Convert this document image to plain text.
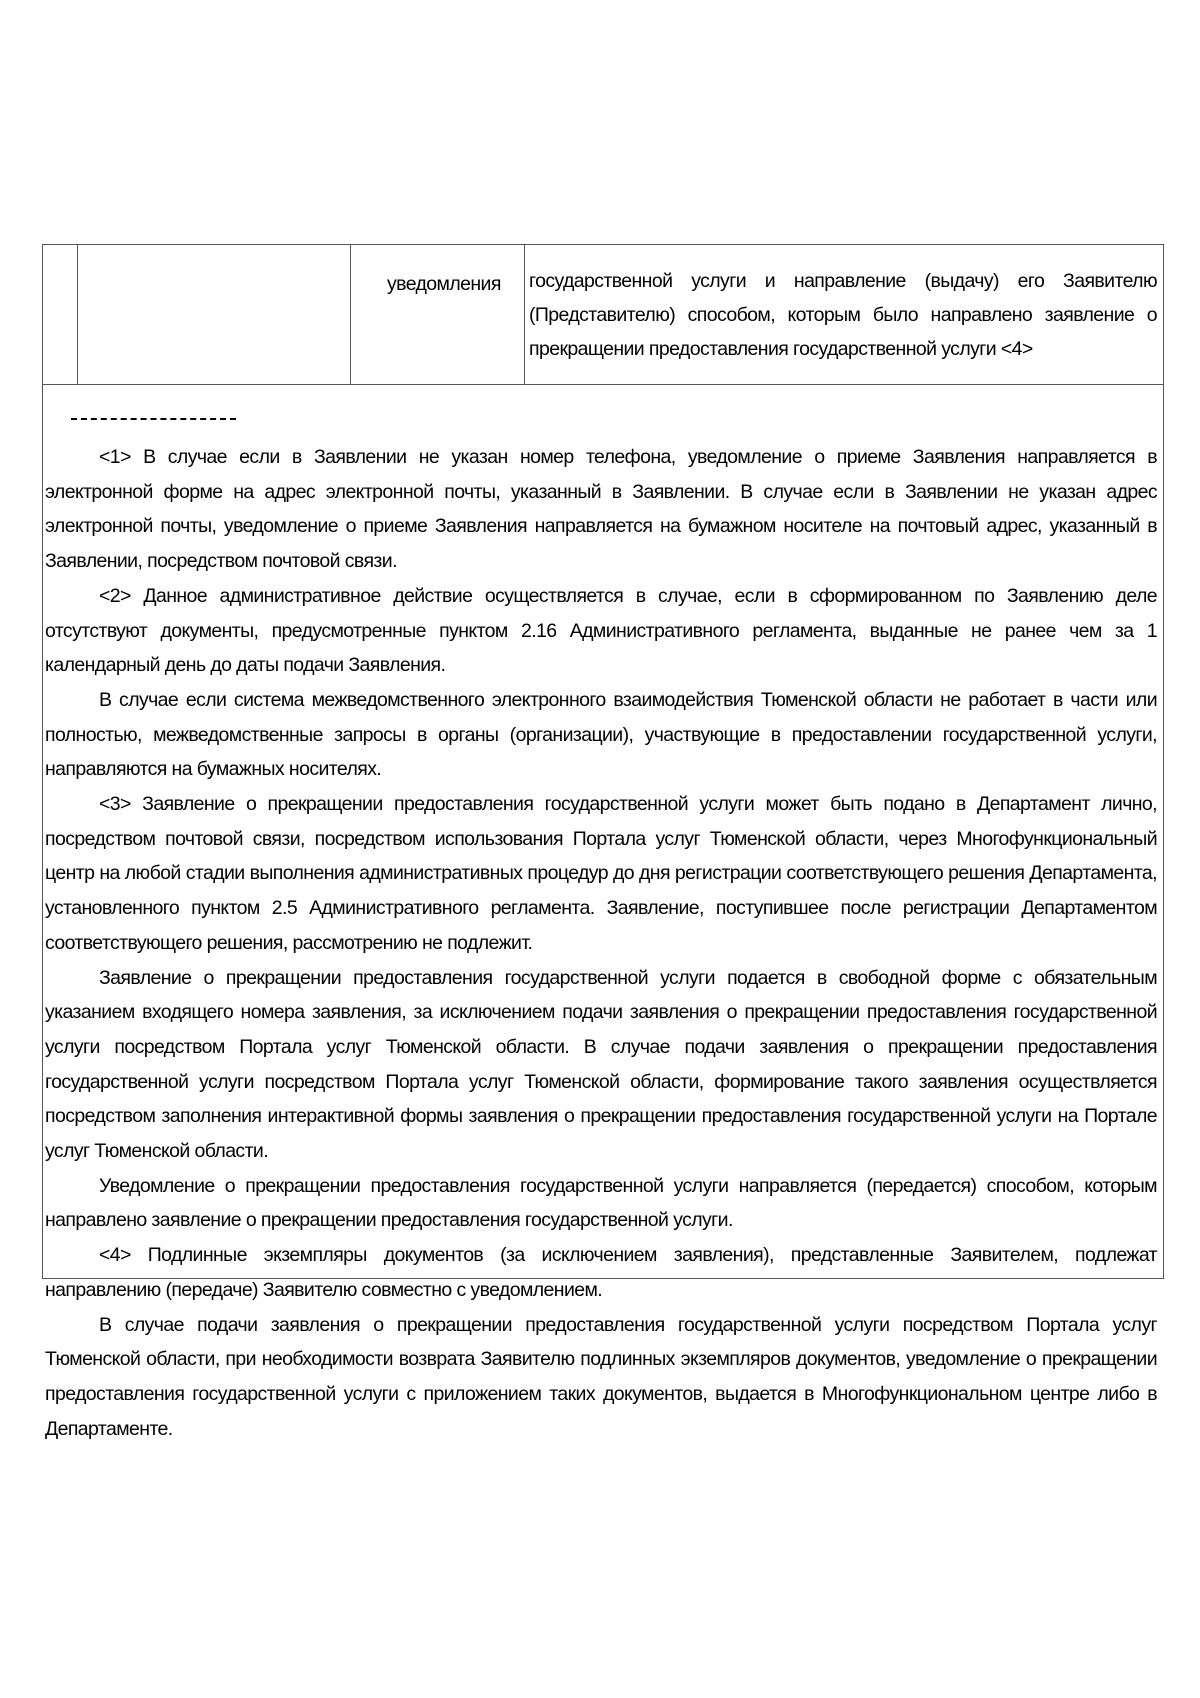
уведомления государственной услуги и направление (выдачу) его Заявителю (Представителю) способом, которым было направлено заявление о прекращении предоставления государственной услуги <4>

<1> В случае если в Заявлении не указан номер телефона, уведомление о приеме Заявления направляется в электронной форме на адрес электронной почты, указанный в Заявлении. В случае если в Заявлении не указан адрес электронной почты, уведомление о приеме Заявления направляется на бумажном носителе на почтовый адрес, указанный в Заявлении, посредством почтовой связи.

<2> Данное административное действие осуществляется в случае, если в сформированном по Заявлению деле отсутствуют документы, предусмотренные пунктом 2.16 Административного регламента, выданные не ранее чем за 1 календарный день до даты подачи Заявления.

В случае если система межведомственного электронного взаимодействия Тюменской области не работает в части или полностью, межведомственные запросы в органы (организации), участвующие в предоставлении государственной услуги, направляются на бумажных носителях.

<3> Заявление о прекращении предоставления государственной услуги может быть подано в Департамент лично, посредством почтовой связи, посредством использования Портала услуг Тюменской области, через Многофункциональный центр на любой стадии выполнения административных процедур до дня регистрации соответствующего решения Департамента, установленного пунктом 2.5 Административного регламента. Заявление, поступившее после регистрации Департаментом соответствующего решения, рассмотрению не подлежит.

Заявление о прекращении предоставления государственной услуги подается в свободной форме с обязательным указанием входящего номера заявления, за исключением подачи заявления о прекращении предоставления государственной услуги посредством Портала услуг Тюменской области. В случае подачи заявления о прекращении предоставления государственной услуги посредством Портала услуг Тюменской области, формирование такого заявления осуществляется посредством заполнения интерактивной формы заявления о прекращении предоставления государственной услуги на Портале услуг Тюменской области.

Уведомление о прекращении предоставления государственной услуги направляется (передается) способом, которым направлено заявление о прекращении предоставления государственной услуги.

<4> Подлинные экземпляры документов (за исключением заявления), представленные Заявителем, подлежат направлению (передаче) Заявителю совместно с уведомлением.

В случае подачи заявления о прекращении предоставления государственной услуги посредством Портала услуг Тюменской области, при необходимости возврата Заявителю подлинных экземпляров документов, уведомление о прекращении предоставления государственной услуги с приложением таких документов, выдается в Многофункциональном центре либо в Департаменте.
